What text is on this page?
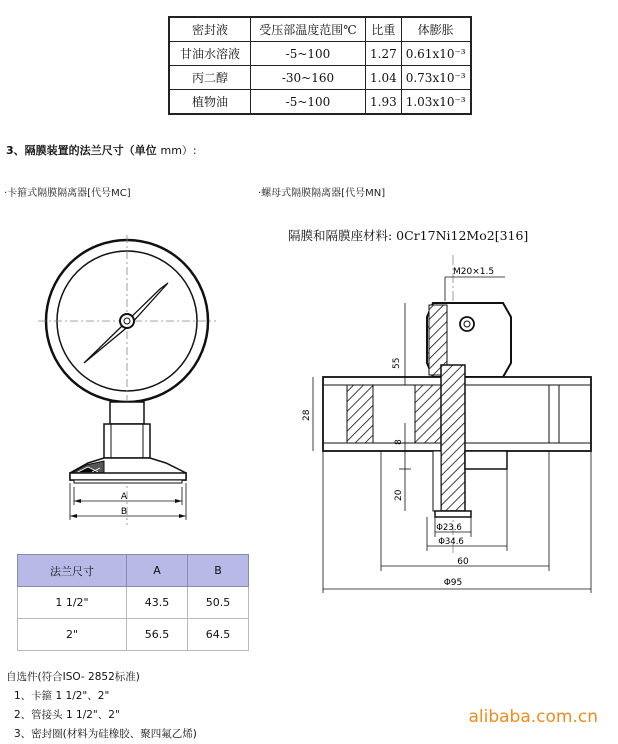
密封液	受压部温度范围℃	比重	体膨胀
甘油水溶液	-5~100	1.27	0.61x10⁻³
丙二醇	-30~160	1.04	0.73x10⁻³
植物油	-5~100	1.93	1.03x10⁻³
3、隔膜装置的法兰尺寸（单位 mm）:
·卡箍式隔膜隔离器[代号MC]	·螺母式隔膜隔离器[代号MN]
隔膜和隔膜座材料: 0Cr17Ni12Mo2[316]
A
B
M20×1.5
55
28
8
20
Φ23.6
Φ34.6
60
Φ95
法兰尺寸	A	B
1 1/2"	43.5	50.5
2"	56.5	64.5
自选件(符合ISO- 2852标准)
1、卡箍 1 1/2"、2"
2、管接头 1 1/2"、2"
3、密封圈(材料为硅橡胶、聚四氟乙烯)
alibaba.com.cn
